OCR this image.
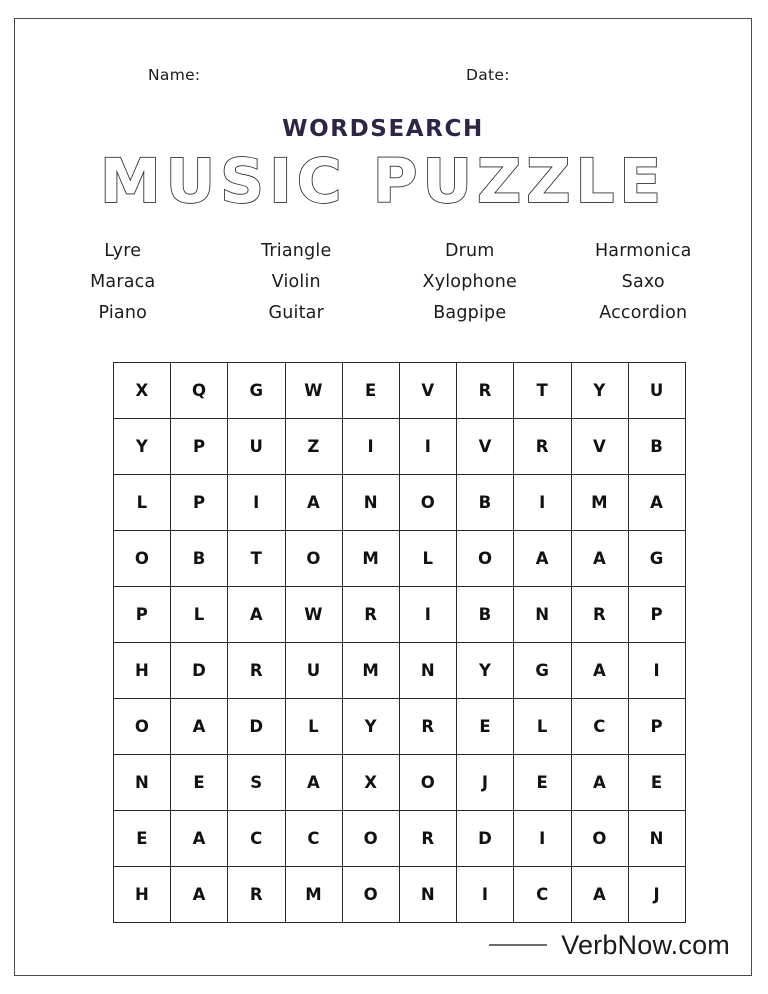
Name:	Date:
WORDSEARCH
MUSIC PUZZLE
Lyre
Maraca
Piano
Triangle
Violin
Guitar
Drum
Xylophone
Bagpipe
Harmonica
Saxo
Accordion
X	Q	G	W	E	V	R	T	Y	U
Y	P	U	Z	I	I	V	R	V	B
L	P	I	A	N	O	B	I	M	A
O	B	T	O	M	L	O	A	A	G
P	L	A	W	R	I	B	N	R	P
H	D	R	U	M	N	Y	G	A	I
O	A	D	L	Y	R	E	L	C	P
N	E	S	A	X	O	J	E	A	E
E	A	C	C	O	R	D	I	O	N
H	A	R	M	O	N	I	C	A	J
VerbNow.com
